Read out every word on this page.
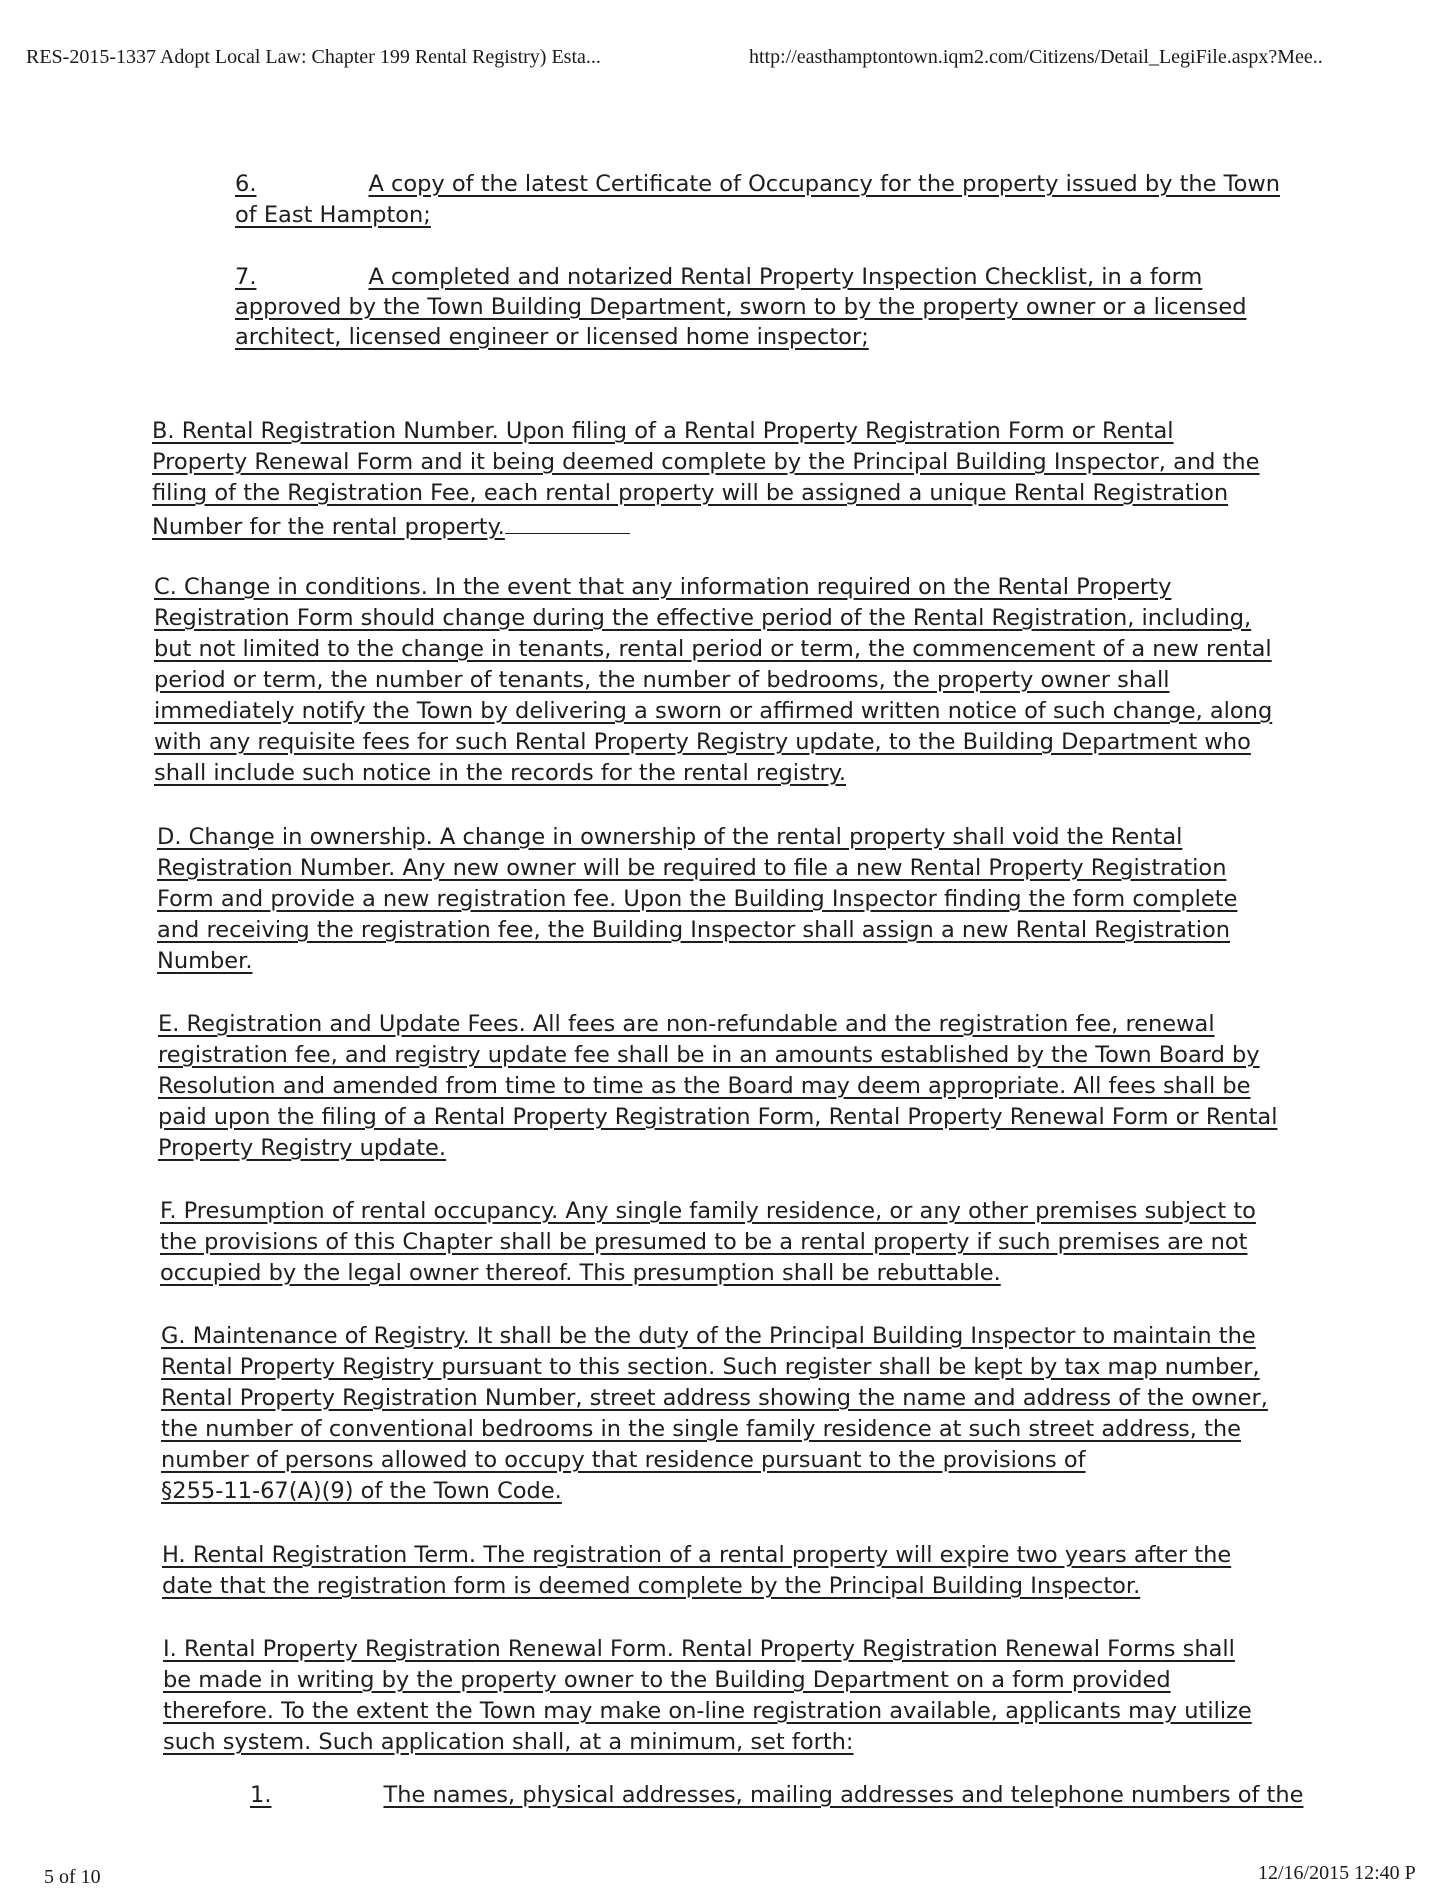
RES-2015-1337 Adopt Local Law: Chapter 199 Rental Registry) Esta...	http://easthamptontown.iqm2.com/Citizens/Detail_LegiFile.aspx?Mee..
6.	A copy of the latest Certificate of Occupancy for the property issued by the Town
of East Hampton;
7.	A completed and notarized Rental Property Inspection Checklist, in a form
approved by the Town Building Department, sworn to by the property owner or a licensed
architect, licensed engineer or licensed home inspector;
B. Rental Registration Number. Upon filing of a Rental Property Registration Form or Rental
Property Renewal Form and it being deemed complete by the Principal Building Inspector, and the
filing of the Registration Fee, each rental property will be assigned a unique Rental Registration
Number for the rental property.
C. Change in conditions. In the event that any information required on the Rental Property
Registration Form should change during the effective period of the Rental Registration, including,
but not limited to the change in tenants, rental period or term, the commencement of a new rental
period or term, the number of tenants, the number of bedrooms, the property owner shall
immediately notify the Town by delivering a sworn or affirmed written notice of such change, along
with any requisite fees for such Rental Property Registry update, to the Building Department who
shall include such notice in the records for the rental registry.
D. Change in ownership. A change in ownership of the rental property shall void the Rental
Registration Number. Any new owner will be required to file a new Rental Property Registration
Form and provide a new registration fee. Upon the Building Inspector finding the form complete
and receiving the registration fee, the Building Inspector shall assign a new Rental Registration
Number.
E. Registration and Update Fees. All fees are non-refundable and the registration fee, renewal
registration fee, and registry update fee shall be in an amounts established by the Town Board by
Resolution and amended from time to time as the Board may deem appropriate. All fees shall be
paid upon the filing of a Rental Property Registration Form, Rental Property Renewal Form or Rental
Property Registry update.
F. Presumption of rental occupancy. Any single family residence, or any other premises subject to
the provisions of this Chapter shall be presumed to be a rental property if such premises are not
occupied by the legal owner thereof. This presumption shall be rebuttable.
G. Maintenance of Registry. It shall be the duty of the Principal Building Inspector to maintain the
Rental Property Registry pursuant to this section. Such register shall be kept by tax map number,
Rental Property Registration Number, street address showing the name and address of the owner,
the number of conventional bedrooms in the single family residence at such street address, the
number of persons allowed to occupy that residence pursuant to the provisions of
§255-11-67(A)(9) of the Town Code.
H. Rental Registration Term. The registration of a rental property will expire two years after the
date that the registration form is deemed complete by the Principal Building Inspector.
I. Rental Property Registration Renewal Form. Rental Property Registration Renewal Forms shall
be made in writing by the property owner to the Building Department on a form provided
therefore. To the extent the Town may make on-line registration available, applicants may utilize
such system. Such application shall, at a minimum, set forth:
1.	The names, physical addresses, mailing addresses and telephone numbers of the
5 of 10	12/16/2015 12:40 P
